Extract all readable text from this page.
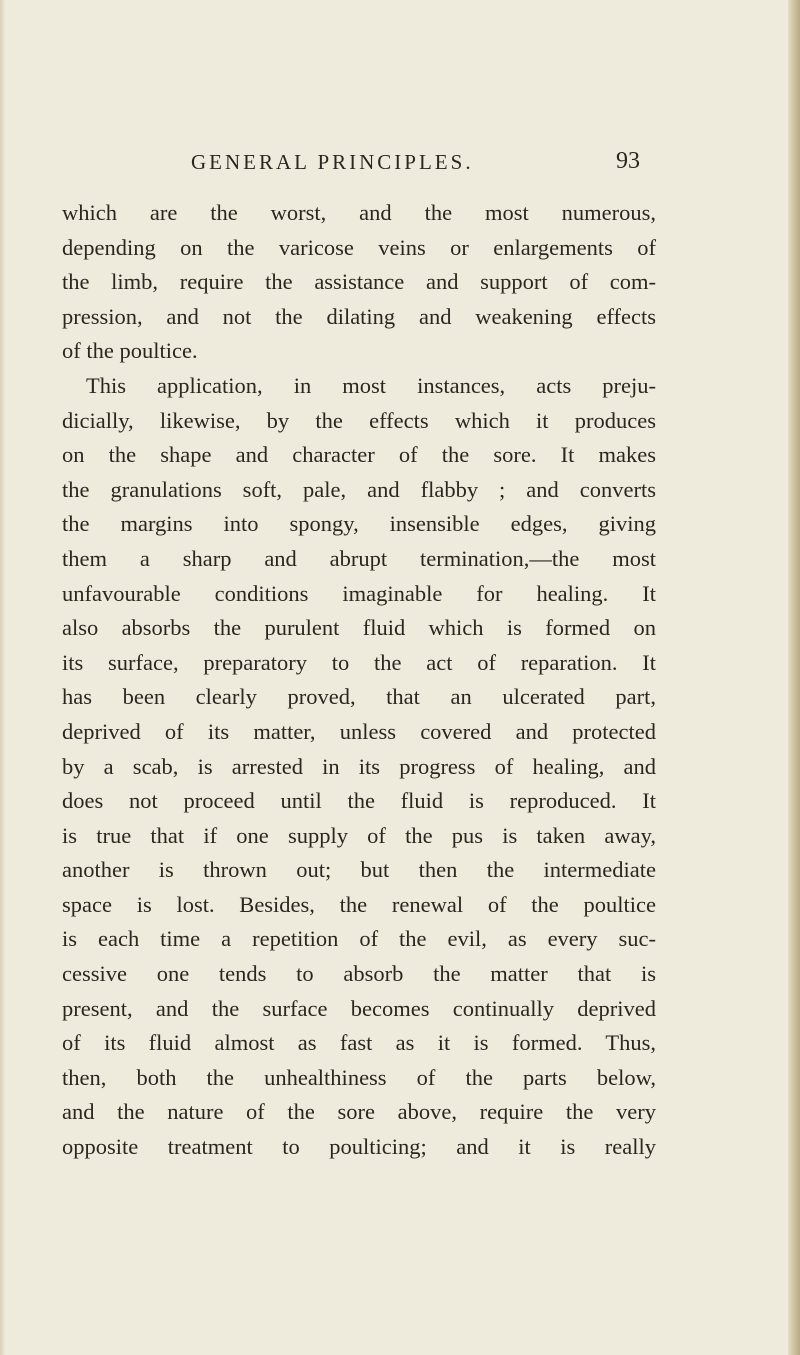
GENERAL PRINCIPLES.	93
which are the worst, and the most numerous,
depending on the varicose veins or enlargements of
the limb, require the assistance and support of com-
pression, and not the dilating and weakening effects
of the poultice.
This application, in most instances, acts preju-
dicially, likewise, by the effects which it produces
on the shape and character of the sore. It makes
the granulations soft, pale, and flabby ; and converts
the margins into spongy, insensible edges, giving
them a sharp and abrupt termination,—the most
unfavourable conditions imaginable for healing. It
also absorbs the purulent fluid which is formed on
its surface, preparatory to the act of reparation. It
has been clearly proved, that an ulcerated part,
deprived of its matter, unless covered and protected
by a scab, is arrested in its progress of healing, and
does not proceed until the fluid is reproduced. It
is true that if one supply of the pus is taken away,
another is thrown out; but then the intermediate
space is lost. Besides, the renewal of the poultice
is each time a repetition of the evil, as every suc-
cessive one tends to absorb the matter that is
present, and the surface becomes continually deprived
of its fluid almost as fast as it is formed. Thus,
then, both the unhealthiness of the parts below,
and the nature of the sore above, require the very
opposite treatment to poulticing; and it is really
